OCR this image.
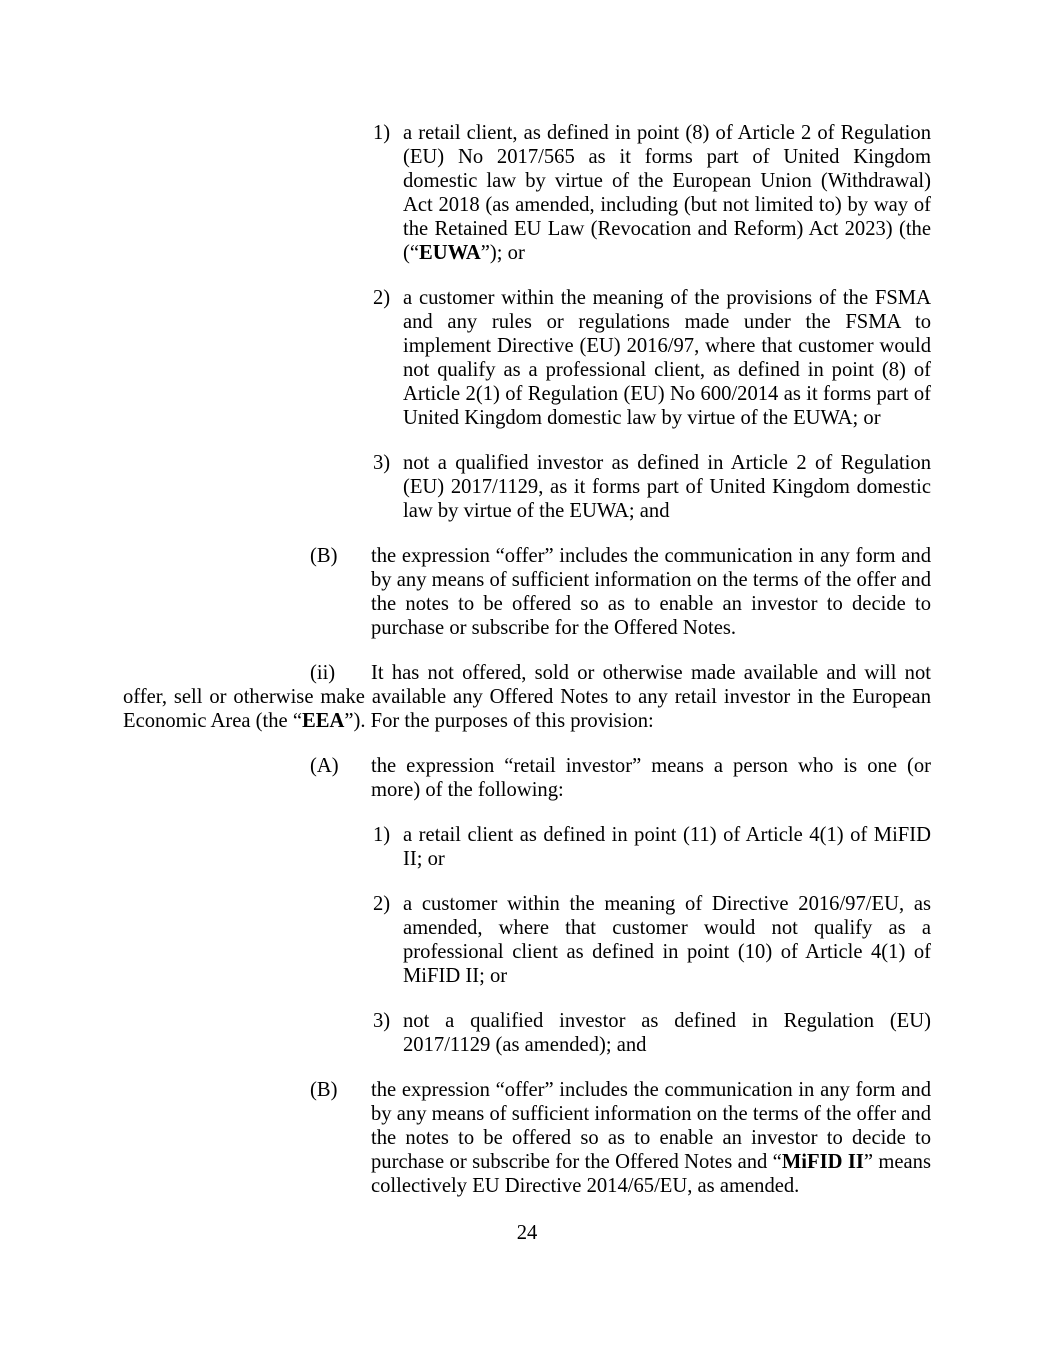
1) a retail client, as defined in point (8) of Article 2 of Regulation (EU) No 2017/565 as it forms part of United Kingdom domestic law by virtue of the European Union (Withdrawal) Act 2018 (as amended, including (but not limited to) by way of the Retained EU Law (Revocation and Reform) Act 2023) (the (“EUWA”); or
2) a customer within the meaning of the provisions of the FSMA and any rules or regulations made under the FSMA to implement Directive (EU) 2016/97, where that customer would not qualify as a professional client, as defined in point (8) of Article 2(1) of Regulation (EU) No 600/2014 as it forms part of United Kingdom domestic law by virtue of the EUWA; or
3) not a qualified investor as defined in Article 2 of Regulation (EU) 2017/1129, as it forms part of United Kingdom domestic law by virtue of the EUWA; and
(B) the expression “offer” includes the communication in any form and by any means of sufficient information on the terms of the offer and the notes to be offered so as to enable an investor to decide to purchase or subscribe for the Offered Notes.
(ii) It has not offered, sold or otherwise made available and will not offer, sell or otherwise make available any Offered Notes to any retail investor in the European Economic Area (the “EEA”). For the purposes of this provision:
(A) the expression “retail investor” means a person who is one (or more) of the following:
1) a retail client as defined in point (11) of Article 4(1) of MiFID II; or
2) a customer within the meaning of Directive 2016/97/EU, as amended, where that customer would not qualify as a professional client as defined in point (10) of Article 4(1) of MiFID II; or
3) not a qualified investor as defined in Regulation (EU) 2017/1129 (as amended); and
(B) the expression “offer” includes the communication in any form and by any means of sufficient information on the terms of the offer and the notes to be offered so as to enable an investor to decide to purchase or subscribe for the Offered Notes and “MiFID II” means collectively EU Directive 2014/65/EU, as amended.
24
